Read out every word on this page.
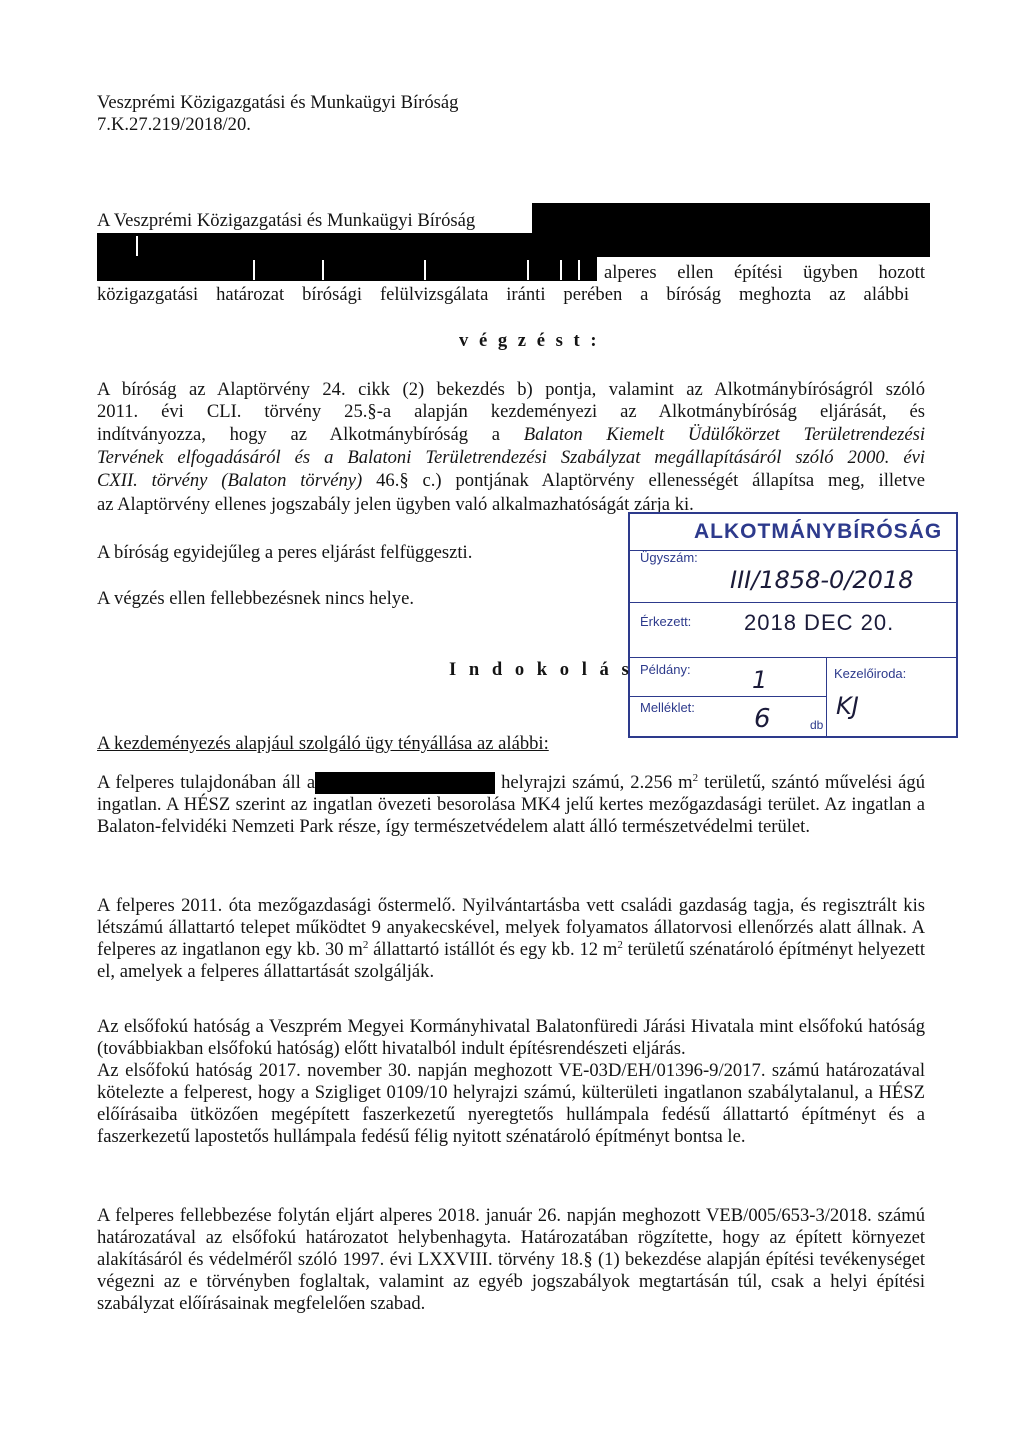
Veszprémi Közigazgatási és Munkaügyi Bíróság
7.K.27.219/2018/20.
A Veszprémi Közigazgatási és Munkaügyi Bíróság
alperes ellen építési ügyben hozott
közigazgatási határozat bírósági felülvizsgálata iránti perében a bíróság meghozta az alábbi
v é g z é s t :
A bíróság az Alaptörvény 24. cikk (2) bekezdés b) pontja, valamint az Alkotmánybíróságról szóló
2011. évi CLI. törvény 25.§-a alapján kezdeményezi az Alkotmánybíróság eljárását, és
indítványozza, hogy az Alkotmánybíróság a Balaton Kiemelt Üdülőkörzet Területrendezési
Tervének elfogadásáról és a Balatoni Területrendezési Szabályzat megállapításáról szóló 2000. évi
CXII. törvény (Balaton törvény) 46.§ c.) pontjának Alaptörvény ellenességét állapítsa meg, illetve
az Alaptörvény ellenes jogszabály jelen ügyben való alkalmazhatóságát zárja ki.
A bíróság egyidejűleg a peres eljárást felfüggeszti.
A végzés ellen fellebbezésnek nincs helye.
ALKOTMÁNYBÍRÓSÁG
Ügyszám:
III/1858-0/2018
Érkezett: 2018 DEC 20.
Példány:	1	Kezelőiroda:
KJ
Melléklet: 6	db
I n d o k o l á s
A kezdeményezés alapjául szolgáló ügy tényállása az alábbi:

A felperes tulajdonában áll a	helyrajzi számú, 2.256 $m^2$ területű, szántó művelési ágú ingatlan. A HÉSZ szerint az ingatlan övezeti besorolása MK4 jelű kertes mezőgazdasági terület. Az ingatlan a Balaton-felvidéki Nemzeti Park része, így természetvédelem alatt álló természetvédelmi terület.

A felperes 2011. óta mezőgazdasági őstermelő. Nyilvántartásba vett családi gazdaság tagja, és regisztrált kis létszámú állattartó telepet működtet 9 anyakecskével, melyek folyamatos állatorvosi ellenőrzés alatt állnak. A felperes az ingatlanon egy kb. 30 $m^2$ állattartó istállót és egy kb. 12 $m^2$ területű szénatároló építményt helyezett el, amelyek a felperes állattartását szolgálják.

Az elsőfokú hatóság a Veszprém Megyei Kormányhivatal Balatonfüredi Járási Hivatala mint elsőfokú hatóság (továbbiakban elsőfokú hatóság) előtt hivatalból indult építésrendészeti eljárás.

Az elsőfokú hatóság 2017. november 30. napján meghozott VE-03D/EH/01396-9/2017. számú határozatával kötelezte a felperest, hogy a Szigliget 0109/10 helyrajzi számú, külterületi ingatlanon szabálytalanul, a HÉSZ előírásaiba ütközően megépített faszerkezetű nyeregtetős hullámpala fedésű állattartó építményt és a faszerkezetű lapostetős hullámpala fedésű félig nyitott szénatároló építményt bontsa le.

A felperes fellebbezése folytán eljárt alperes 2018. január 26. napján meghozott VEB/005/653-3/2018. számú határozatával az elsőfokú határozatot helybenhagyta. Határozatában rögzítette, hogy az épített környezet alakításáról és védelméről szóló 1997. évi LXXVIII. törvény 18.§ (1) bekezdése alapján építési tevékenységet végezni az e törvényben foglaltak, valamint az egyéb jogszabályok megtartásán túl, csak a helyi építési szabályzat előírásainak megfelelően szabad.
